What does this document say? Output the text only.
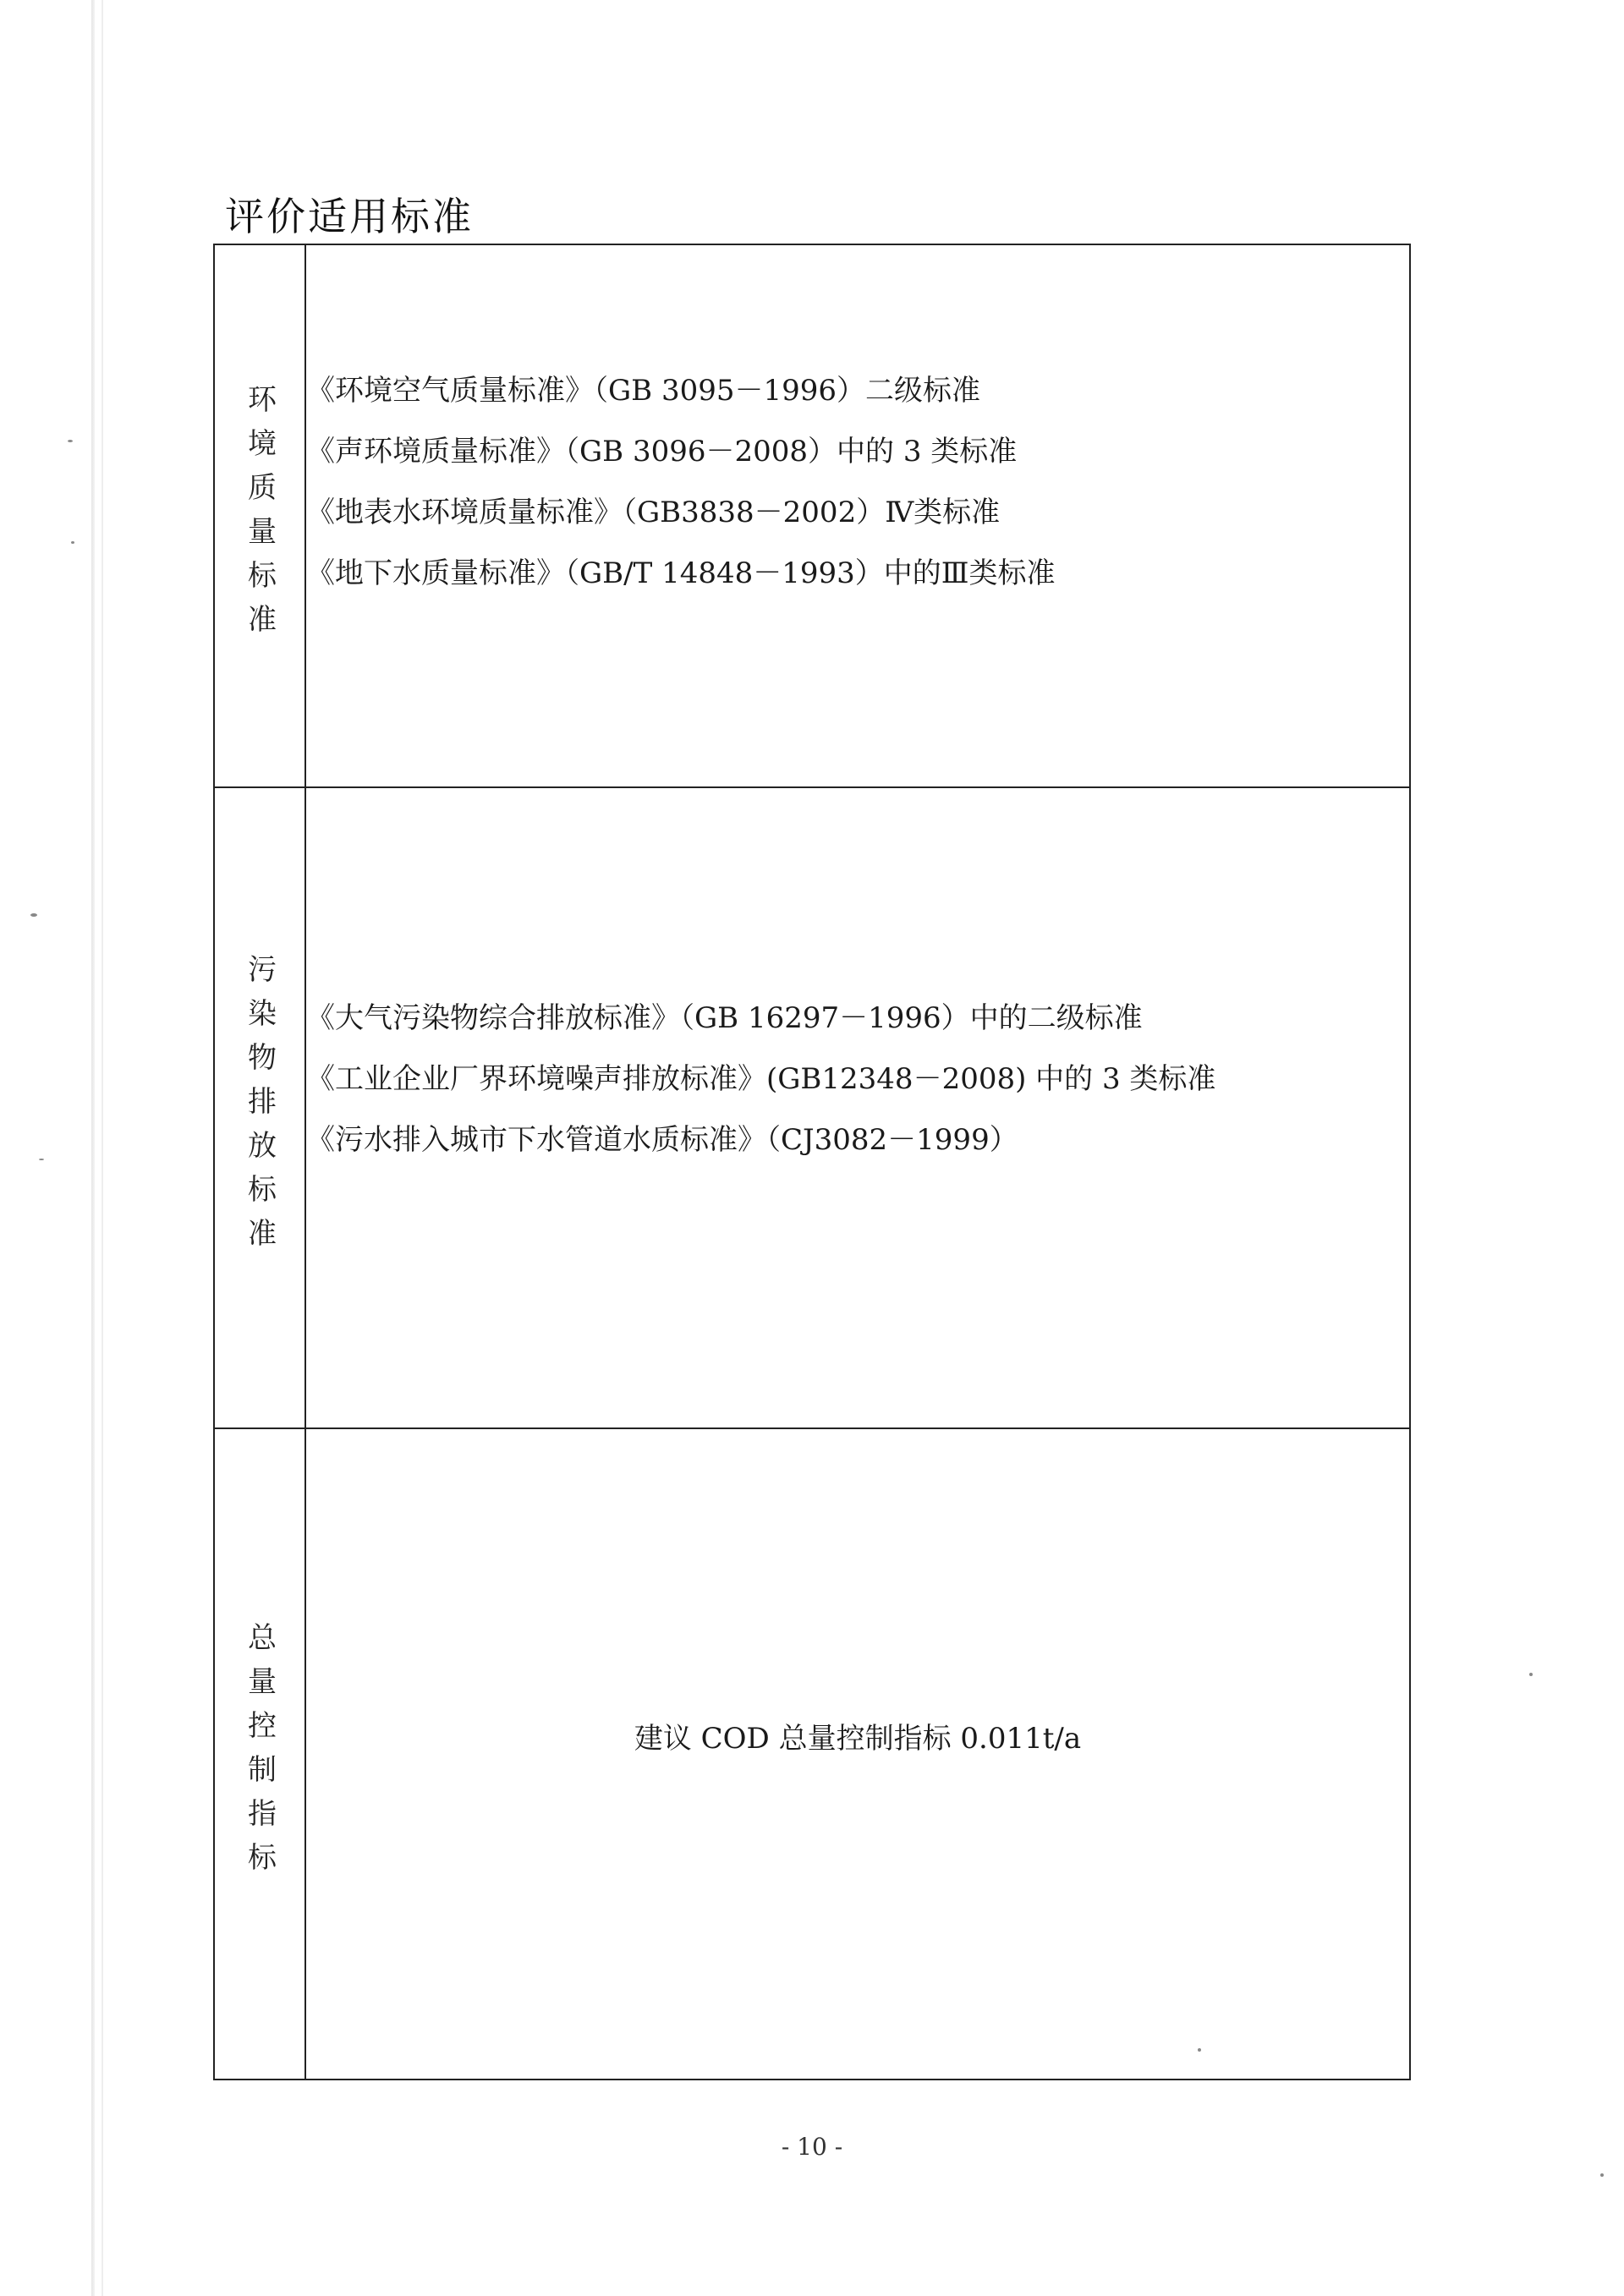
评价适用标准
环境质量标准 《环境空气质量标准》（GB 3095－1996）二级标准
《声环境质量标准》（GB 3096－2008）中的 3 类标准
《地表水环境质量标准》（GB3838－2002）Ⅳ类标准
《地下水质量标准》（GB/T 14848－1993）中的Ⅲ类标准
污染物排放标准 《大气污染物综合排放标准》（GB 16297－1996）中的二级标准
《工业企业厂界环境噪声排放标准》(GB12348－2008) 中的 3 类标准
《污水排入城市下水管道水质标准》（CJ3082－1999）
总量控制指标	建议 COD 总量控制指标 0.011t/a
- 10 -
